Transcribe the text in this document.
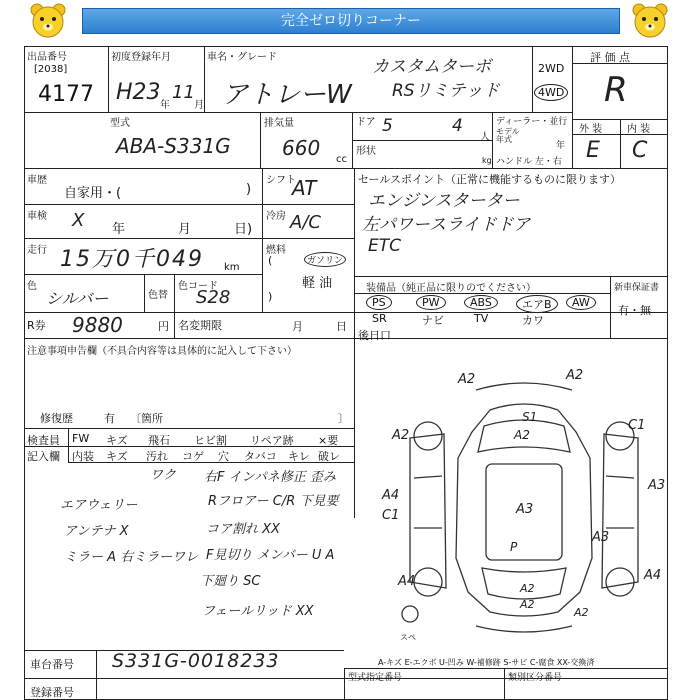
完全ゼロ切りコーナー
出品番号
[2038]
4177
初度登録年月
H23
年
11
月
車名・グレード
アトレーW
カスタムターボ
RSリミテッド
2WD
4WD
評 価 点
R
型式
ABA-S331G
排気量
660 cc
ドア 5	4
人
形状
kg
ディーラー・並行
モデル 年式
年
ハンドル 左・右
外 装 内 装
E C
車歴
自家用・(	)
シフト
AT
車検 X 年	月	日)
冷房 A/C
走行 15万0千049 km
燃料
(	ガソリン
軽 油
)
色
シルバー	色替
色コード
S28
R券 9880	円 名変期限	月	日
セールスポイント（正常に機能するものに限ります）
エンジンスターター
左パワースライドドア
ETC
装備品（純正品に限りのでください）	新車保証書
有・無
PS	PW	ABS	エアB	AW
SR	ナビ	TV	カワ
後日口
注意事項申告欄（不具合内容等は具体的に記入して下さい）
修復歴	有 〔箇所	〕
検査員
記入欄
FW キズ 飛石 ヒビ割 リペア跡 ×要
内装 キズ 汚れ コゲ 穴 タバコ キレ 破レ
ワク 右F インパネ修正 歪み
Rフロアー C/R 下見要
エアウェリー
コア割れ XX
アンテナ X
F見切り メンバー U A
ミラー A 右ミラーワレ
下廻り SC
フェールリッド XX
A2	A2
A2
S1
A2
C1
A4
C1
A3
A3
A3
P
A4	A4
A2
A2
A2
スペ
A-キズ E-エクボ U-凹み W-補修跡 S-サビ C-腐食 XX-交換済
車台番号 S331G-0018233
登録番号
型式指定番号	類別区分番号
